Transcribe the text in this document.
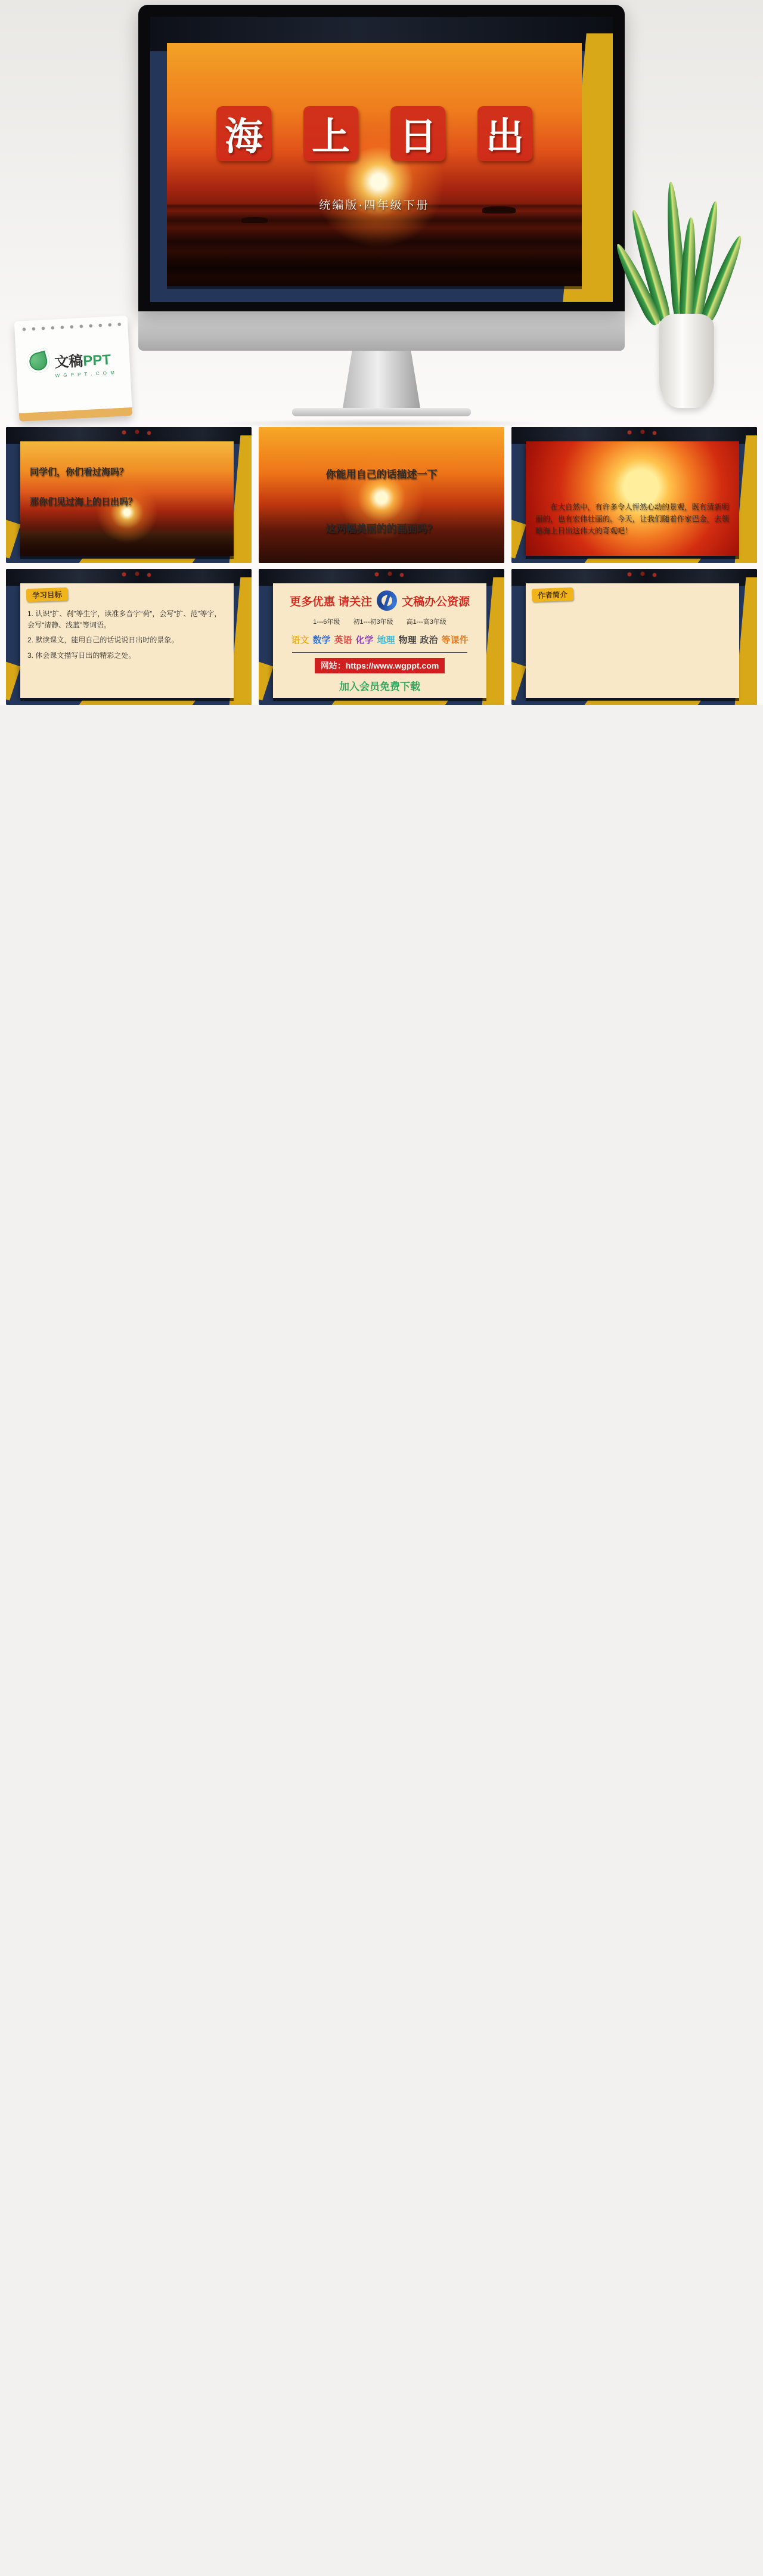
海 上 日 出
统编版·四年级下册
文稿PPT
W G P P T . C O M
同学们，你们看过海吗？
那你们见过海上的日出吗？
你能用自己的话描述一下
这两幅美丽的的画面吗？
　　在大自然中，有许多令人怦然心动的景观，既有清新明丽的，也有宏伟壮丽的。今天，让我们随着作家巴金，去领略海上日出这伟大的奇观吧！
学习目标
1. 认识“扩、刹”等生字，读准多音字“荷”，会写“扩、范”等字，会写“清静、浅蓝”等词语。
2. 默读课文，能用自己的话说说日出时的景象。
3. 体会课文描写日出的精彩之处。
更多优惠 请关注	文稿办公资源
1---6年级　　初1---初3年级　　高1---高3年级
语文 数学 英语 化学 地理 物理 政治 等课件
网站：https://www.wgppt.com
加入会员免费下载
作者简介
